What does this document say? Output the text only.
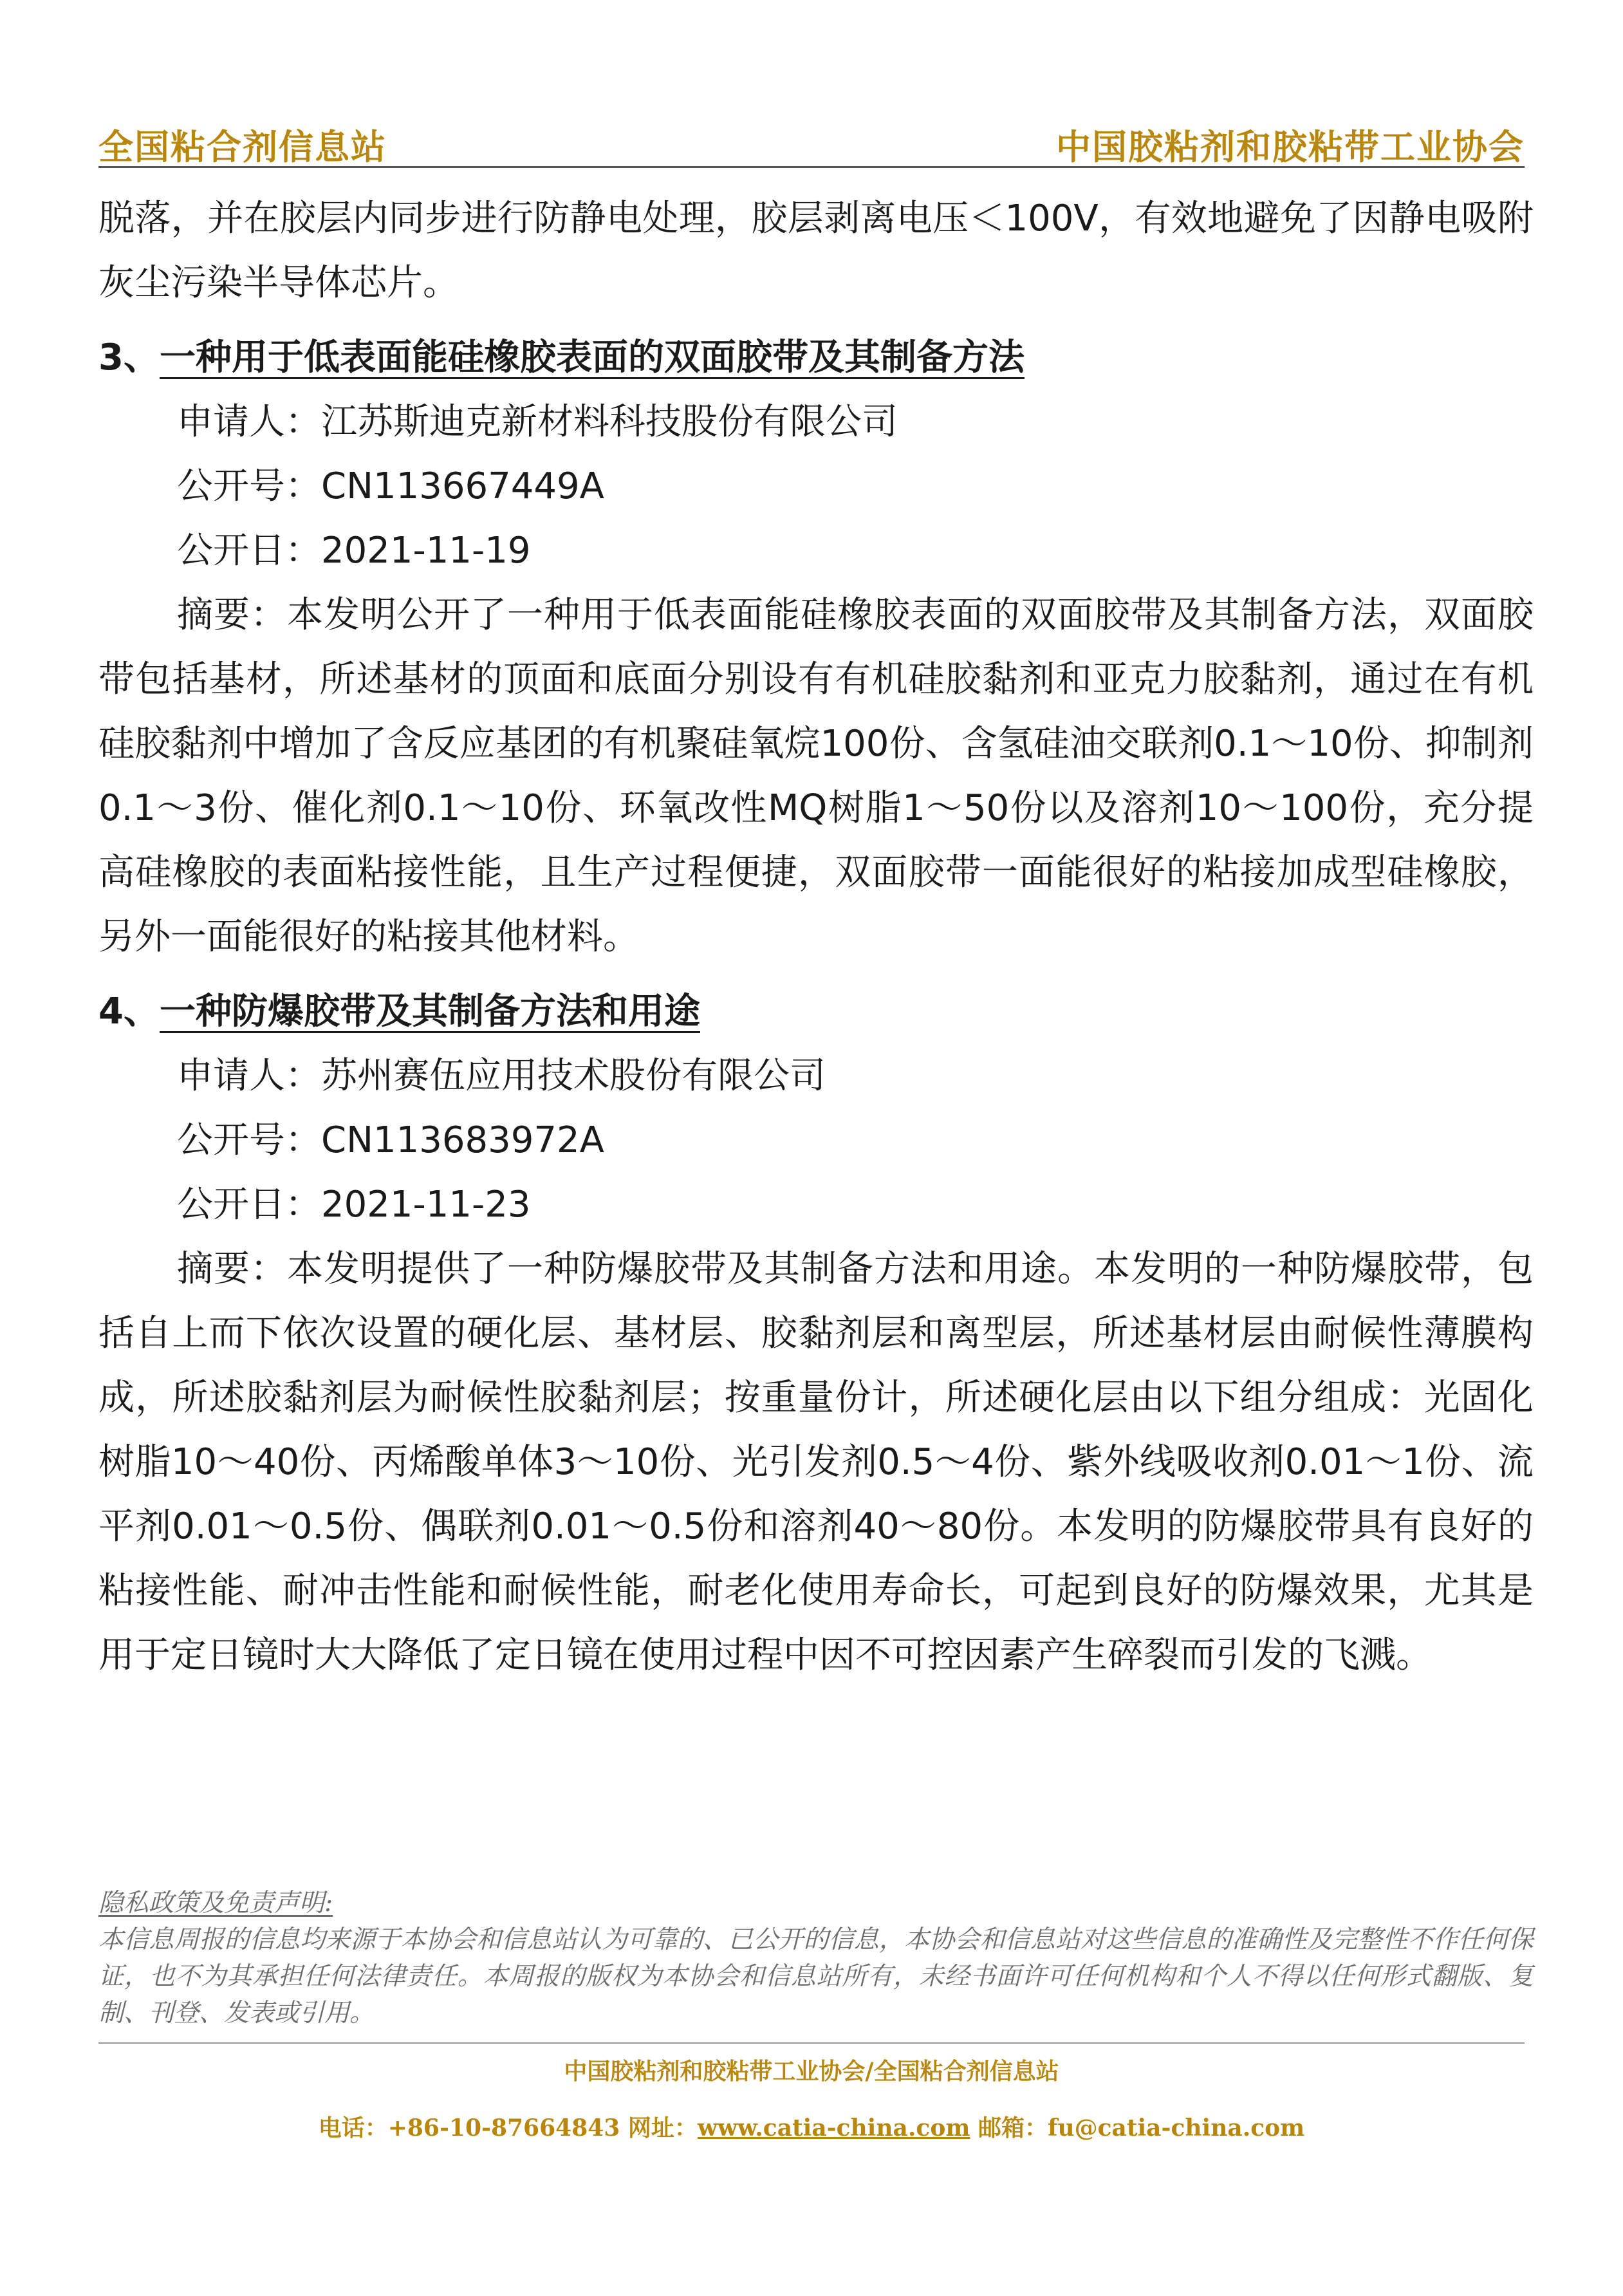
全国粘合剂信息站	中国胶粘剂和胶粘带工业协会

脱落，并在胶层内同步进行防静电处理，胶层剥离电压＜100V，有效地避免了因静电吸附灰尘污染半导体芯片。

3、一种用于低表面能硅橡胶表面的双面胶带及其制备方法

申请人：江苏斯迪克新材料科技股份有限公司

公开号：CN113667449A

公开日：2021-11-19

摘要：本发明公开了一种用于低表面能硅橡胶表面的双面胶带及其制备方法，双面胶带包括基材，所述基材的顶面和底面分别设有有机硅胶黏剂和亚克力胶黏剂，通过在有机硅胶黏剂中增加了含反应基团的有机聚硅氧烷100份、含氢硅油交联剂0.1～10份、抑制剂0.1～3份、催化剂0.1～10份、环氧改性MQ树脂1～50份以及溶剂10～100份，充分提高硅橡胶的表面粘接性能，且生产过程便捷，双面胶带一面能很好的粘接加成型硅橡胶，另外一面能很好的粘接其他材料。

4、一种防爆胶带及其制备方法和用途

申请人：苏州赛伍应用技术股份有限公司

公开号：CN113683972A

公开日：2021-11-23

摘要：本发明提供了一种防爆胶带及其制备方法和用途。本发明的一种防爆胶带，包括自上而下依次设置的硬化层、基材层、胶黏剂层和离型层，所述基材层由耐候性薄膜构成，所述胶黏剂层为耐候性胶黏剂层；按重量份计，所述硬化层由以下组分组成：光固化树脂10～40份、丙烯酸单体3～10份、光引发剂0.5～4份、紫外线吸收剂0.01～1份、流平剂0.01～0.5份、偶联剂0.01～0.5份和溶剂40～80份。本发明的防爆胶带具有良好的粘接性能、耐冲击性能和耐候性能，耐老化使用寿命长，可起到良好的防爆效果，尤其是用于定日镜时大大降低了定日镜在使用过程中因不可控因素产生碎裂而引发的飞溅。

隐私政策及免责声明:

本信息周报的信息均来源于本协会和信息站认为可靠的、已公开的信息，本协会和信息站对这些信息的准确性及完整性不作任何保证，也不为其承担任何法律责任。本周报的版权为本协会和信息站所有，未经书面许可任何机构和个人不得以任何形式翻版、复制、刊登、发表或引用。

中国胶粘剂和胶粘带工业协会/全国粘合剂信息站
电话：+86-10-87664843 网址：www.catia-china.com 邮箱：fu@catia-china.com
